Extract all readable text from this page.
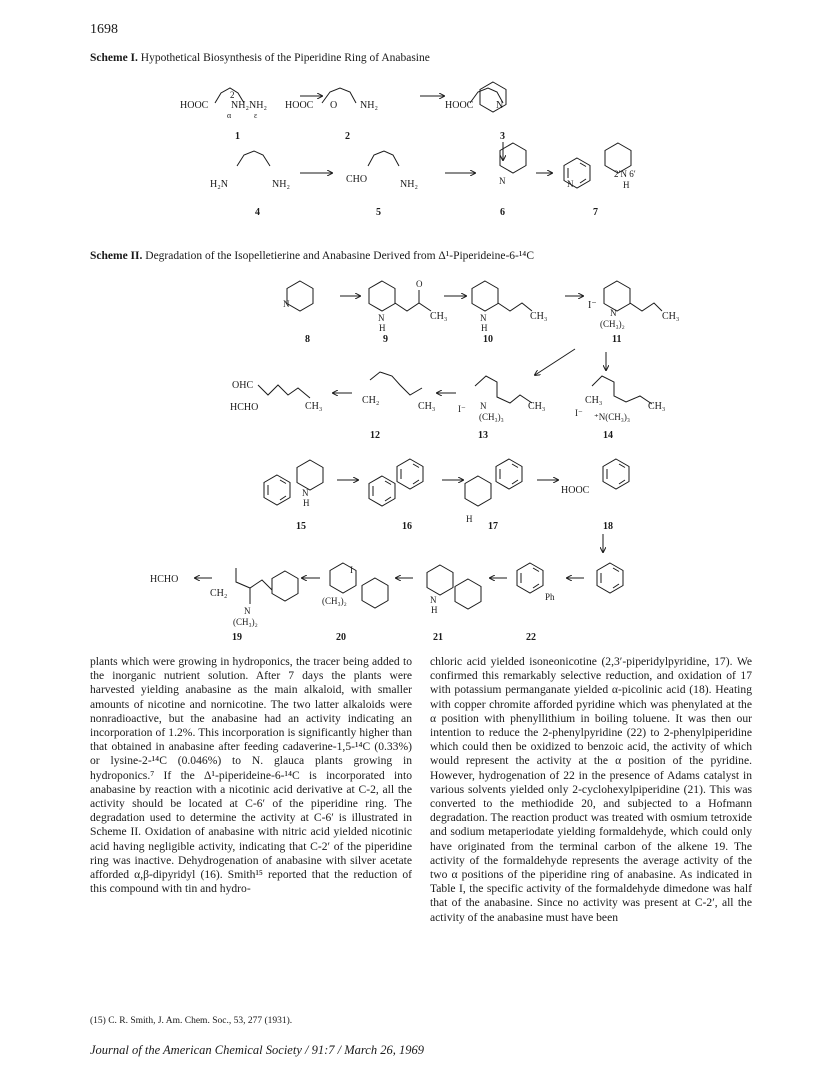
1698
Scheme I. Hypothetical Biosynthesis of the Piperidine Ring of Anabasine
Scheme II. Degradation of the Isopelletierine and Anabasine Derived from Δ¹-Piperideine-6-¹⁴C
HOOC NH₂ NH₂
2
α	ε
HOOC O NH₂	HOOC N
H₂N	NH₂	CHO	NH₂	N	N
2′N 6′
H
1	2	3
4	5	6	7
N
N
H
O
CH₃	N
H
CH₃
I⁻
N
(CH₃)₂
CH₃
8	9	10	11
OHC
HCHO	CH₃
CH₂
CH₃	I⁻ N
(CH₃)₃
CH₃
CH₃
CH₃
I⁻ ⁺N(CH₃)₃
12	13	14
N
H
HOOC
H
15	16	17	18
HCHO
CH₂
N
(CH₃)₂
I
(CH₃)₂	N
H
Ph
19	20	21	22

plants which were growing in hydroponics, the tracer being added to the inorganic nutrient solution. After 7 days the plants were harvested yielding anabasine as the main alkaloid, with smaller amounts of nicotine and nornicotine. The two latter alkaloids were nonradioactive, but the anabasine had an activity indicating an incorporation of 1.2%. This incorporation is significantly higher than that obtained in anabasine after feeding cadaverine-1,5-¹⁴C (0.33%) or lysine-2-¹⁴C (0.046%) to N. glauca plants growing in hydroponics.⁷ If the Δ¹-piperideine-6-¹⁴C is incorporated into anabasine by reaction with a nicotinic acid derivative at C-2, all the activity should be located at C-6′ of the piperidine ring. The degradation used to determine the activity at C-6′ is illustrated in Scheme II. Oxidation of anabasine with nitric acid yielded nicotinic acid having negligible activity, indicating that C-2′ of the piperidine ring was inactive. Dehydrogenation of anabasine with silver acetate afforded α,β-dipyridyl (16). Smith¹⁵ reported that the reduction of this compound with tin and hydro-

chloric acid yielded isoneonicotine (2,3′-piperidylpyridine, 17). We confirmed this remarkably selective reduction, and oxidation of 17 with potassium permanganate yielded α-picolinic acid (18). Heating with copper chromite afforded pyridine which was phenylated at the α position with phenyllithium in boiling toluene. It was then our intention to reduce the 2-phenylpyridine (22) to 2-phenylpiperidine which could then be oxidized to benzoic acid, the activity of which would represent the activity at the α position of the pyridine. However, hydrogenation of 22 in the presence of Adams catalyst in various solvents yielded only 2-cyclohexylpiperidine (21). This was converted to the methiodide 20, and subjected to a Hofmann degradation. The reaction product was treated with osmium tetroxide and sodium metaperiodate yielding formaldehyde, which could only have originated from the terminal carbon of the alkene 19. The activity of the formaldehyde represents the average activity of the two α positions of the piperidine ring of anabasine. As indicated in Table I, the specific activity of the formaldehyde dimedone was half that of the anabasine. Since no activity was present at C-2′, all the activity of the anabasine must have been

(15) C. R. Smith, J. Am. Chem. Soc., 53, 277 (1931).
Journal of the American Chemical Society / 91:7 / March 26, 1969
